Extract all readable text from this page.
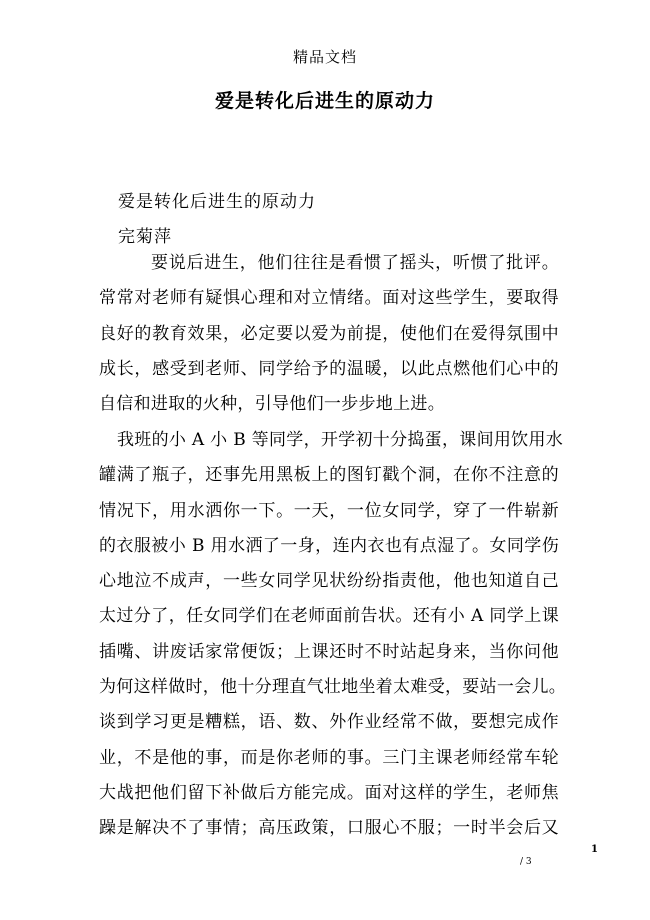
精品文档
爱是转化后进生的原动力
爱是转化后进生的原动力
完菊萍
要说后进生，他们往往是看惯了摇头，听惯了批评。
常常对老师有疑惧心理和对立情绪。面对这些学生，要取得
良好的教育效果，必定要以爱为前提，使他们在爱得氛围中
成长，感受到老师、同学给予的温暖，以此点燃他们心中的
自信和进取的火种，引导他们一步步地上进。
我班的小 A 小 B 等同学，开学初十分捣蛋，课间用饮用水
罐满了瓶子，还事先用黑板上的图钉戳个洞，在你不注意的
情况下，用水洒你一下。一天，一位女同学，穿了一件崭新
的衣服被小 B 用水洒了一身，连内衣也有点湿了。女同学伤
心地泣不成声，一些女同学见状纷纷指责他，他也知道自己
太过分了，任女同学们在老师面前告状。还有小 A 同学上课
插嘴、讲废话家常便饭；上课还时不时站起身来，当你问他
为何这样做时，他十分理直气壮地坐着太难受，要站一会儿。
谈到学习更是糟糕，语、数、外作业经常不做，要想完成作
业，不是他的事，而是你老师的事。三门主课老师经常车轮
大战把他们留下补做后方能完成。面对这样的学生，老师焦
躁是解决不了事情；高压政策，口服心不服；一时半会后又
1
/ 3
